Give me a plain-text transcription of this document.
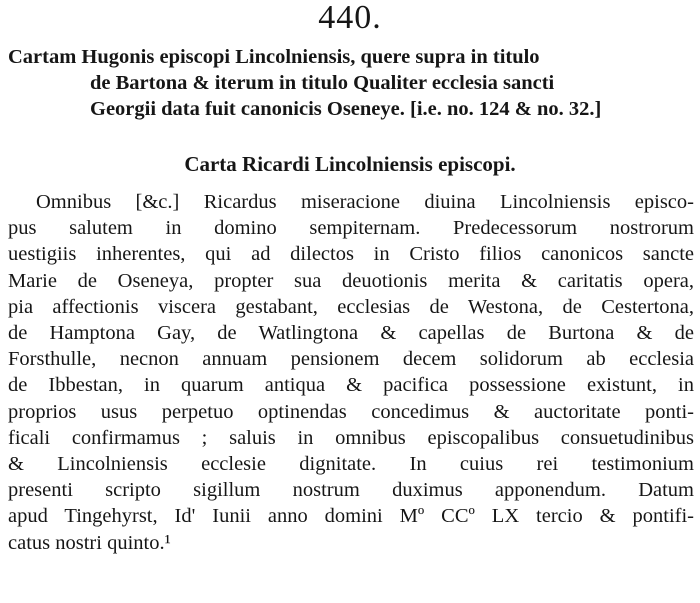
440.
Cartam Hugonis episcopi Lincolniensis, quere supra in titulo
de Bartona & iterum in titulo Qualiter ecclesia sancti
Georgii data fuit canonicis Oseneye. [i.e. no. 124 & no. 32.]
Carta Ricardi Lincolniensis episcopi.
Omnibus [&c.] Ricardus miseracione diuina Lincolniensis episco-
pus salutem in domino sempiternam. Predecessorum nostrorum
uestigiis inherentes, qui ad dilectos in Cristo filios canonicos sancte
Marie de Oseneya, propter sua deuotionis merita & caritatis opera,
pia affectionis viscera gestabant, ecclesias de Westona, de Cestertona,
de Hamptona Gay, de Watlingtona & capellas de Burtona & de
Forsthulle, necnon annuam pensionem decem solidorum ab ecclesia
de Ibbestan, in quarum antiqua & pacifica possessione existunt, in
proprios usus perpetuo optinendas concedimus & auctoritate ponti-
ficali confirmamus ; saluis in omnibus episcopalibus consuetudinibus
& Lincolniensis ecclesie dignitate. In cuius rei testimonium
presenti scripto sigillum nostrum duximus apponendum. Datum
apud Tingehyrst, Id' Iunii anno domini Mº CCº LX tercio & pontifi-
catus nostri quinto.¹
